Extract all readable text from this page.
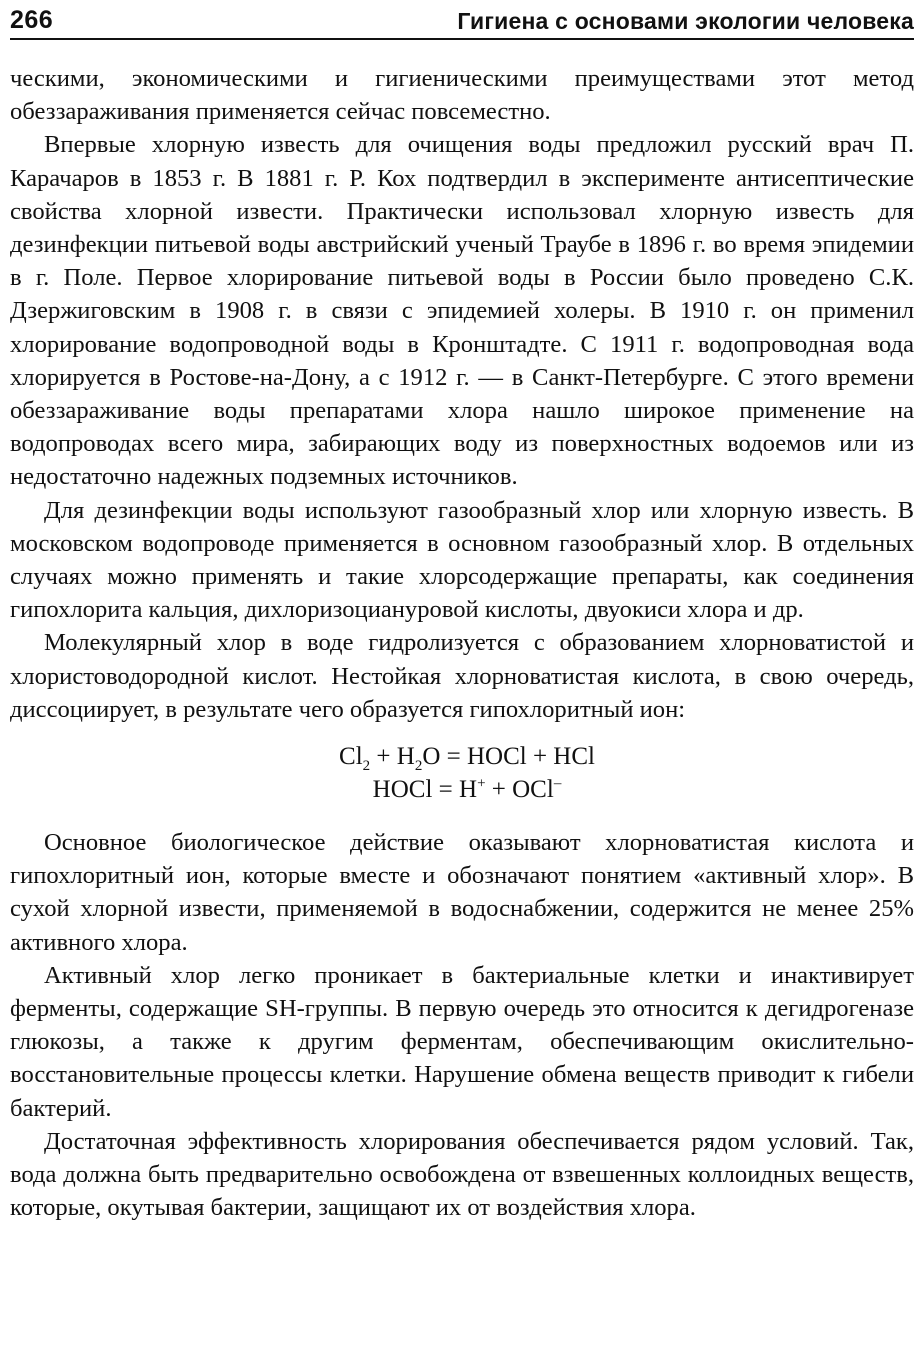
266	Гигиена с основами экологии человека

ческими, экономическими и гигиеническими преимуществами этот метод обеззараживания применяется сейчас повсеместно.

Впервые хлорную известь для очищения воды предложил русский врач П. Карачаров в 1853 г. В 1881 г. Р. Кох подтвердил в эксперименте антисептические свойства хлорной извести. Практически использовал хлорную известь для дезинфекции питьевой воды австрийский ученый Траубе в 1896 г. во время эпидемии в г. Поле. Первое хлорирование питьевой воды в России было проведено С.К. Дзержиговским в 1908 г. в связи с эпидемией холеры. В 1910 г. он применил хлорирование водопроводной воды в Кронштадте. С 1911 г. водопроводная вода хлорируется в Ростове-на-Дону, а с 1912 г. — в Санкт-Петербурге. С этого времени обеззараживание воды препаратами хлора нашло широкое применение на водопроводах всего мира, забирающих воду из поверхностных водоемов или из недостаточно надежных подземных источников.

Для дезинфекции воды используют газообразный хлор или хлорную известь. В московском водопроводе применяется в основном газообразный хлор. В отдельных случаях можно применять и такие хлорсодержащие препараты, как соединения гипохлорита кальция, дихлоризоциануровой кислоты, двуокиси хлора и др.

Молекулярный хлор в воде гидролизуется с образованием хлорноватистой и хлористоводородной кислот. Нестойкая хлорноватистая кислота, в свою очередь, диссоциирует, в результате чего образуется гипохлоритный ион:

$Cl_2 + H_2O$ = HOCl + HCl
HOCl = H+ + OCl–

Основное биологическое действие оказывают хлорноватистая кислота и гипохлоритный ион, которые вместе и обозначают понятием «активный хлор». В сухой хлорной извести, применяемой в водоснабжении, содержится не менее 25% активного хлора.

Активный хлор легко проникает в бактериальные клетки и инактивирует ферменты, содержащие SH-группы. В первую очередь это относится к дегидрогеназе глюкозы, а также к другим ферментам, обеспечивающим окислительно-восстановительные процессы клетки. Нарушение обмена веществ приводит к гибели бактерий.

Достаточная эффективность хлорирования обеспечивается рядом условий. Так, вода должна быть предварительно освобождена от взвешенных коллоидных веществ, которые, окутывая бактерии, защищают их от воздействия хлора.
